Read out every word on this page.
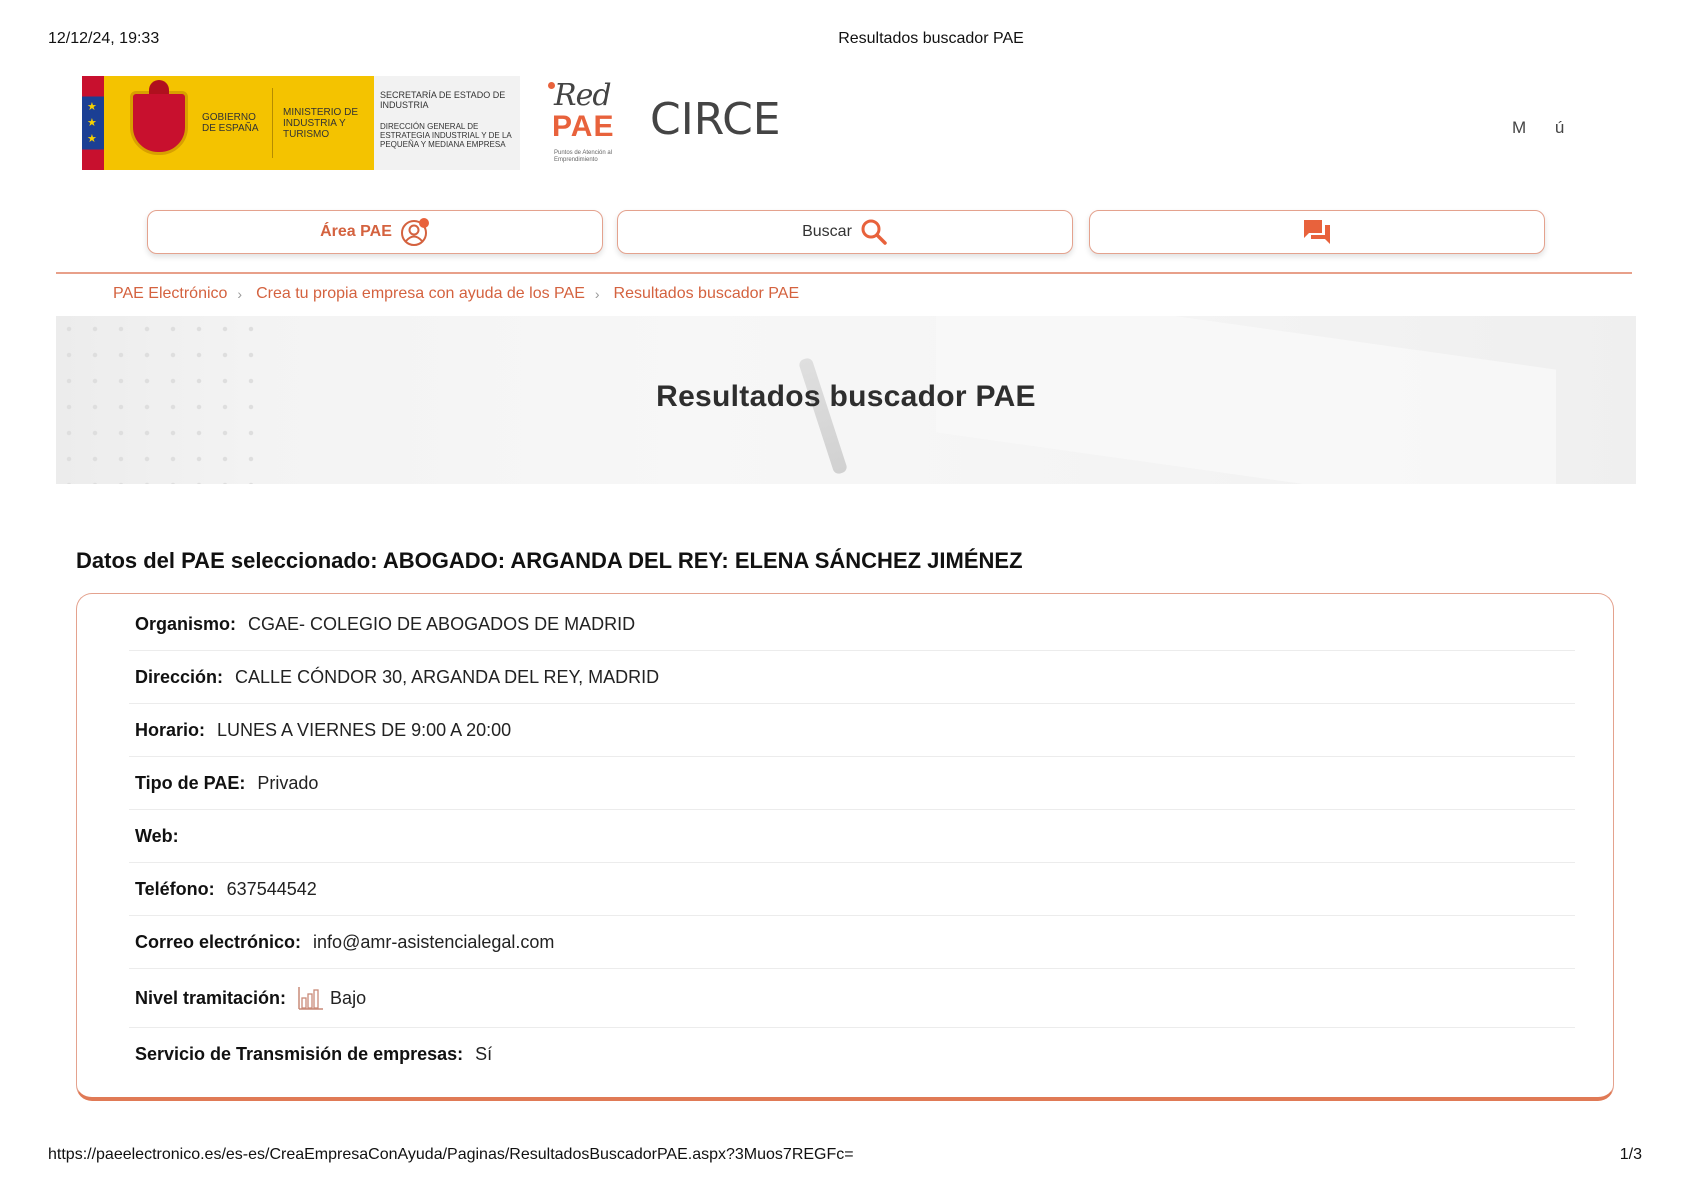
12/12/24, 19:33	Resultados buscador PAE
★
★
★
GOBIERNO DE ESPAÑA
MINISTERIO DE INDUSTRIA Y TURISMO
SECRETARÍA DE ESTADO DE INDUSTRIA
DIRECCIÓN GENERAL DE ESTRATEGIA INDUSTRIAL Y DE LA PEQUEÑA Y MEDIANA EMPRESA
Red
PAE
Puntos de Atención al Emprendimiento
CIRCE	M ú
Área PAE	Buscar
PAE Electrónico › Crea tu propia empresa con ayuda de los PAE › Resultados buscador PAE
Resultados buscador PAE
Datos del PAE seleccionado: ABOGADO: ARGANDA DEL REY: ELENA SÁNCHEZ JIMÉNEZ
Organismo: CGAE- COLEGIO DE ABOGADOS DE MADRID
Dirección: CALLE CÓNDOR 30, ARGANDA DEL REY, MADRID
Horario: LUNES A VIERNES DE 9:00 A 20:00
Tipo de PAE: Privado
Web:
Teléfono: 637544542
Correo electrónico: info@amr-asistencialegal.com
Nivel tramitación: Bajo
Servicio de Transmisión de empresas: Sí
https://paeelectronico.es/es-es/CreaEmpresaConAyuda/Paginas/ResultadosBuscadorPAE.aspx?3Muos7REGFc=	1/3
